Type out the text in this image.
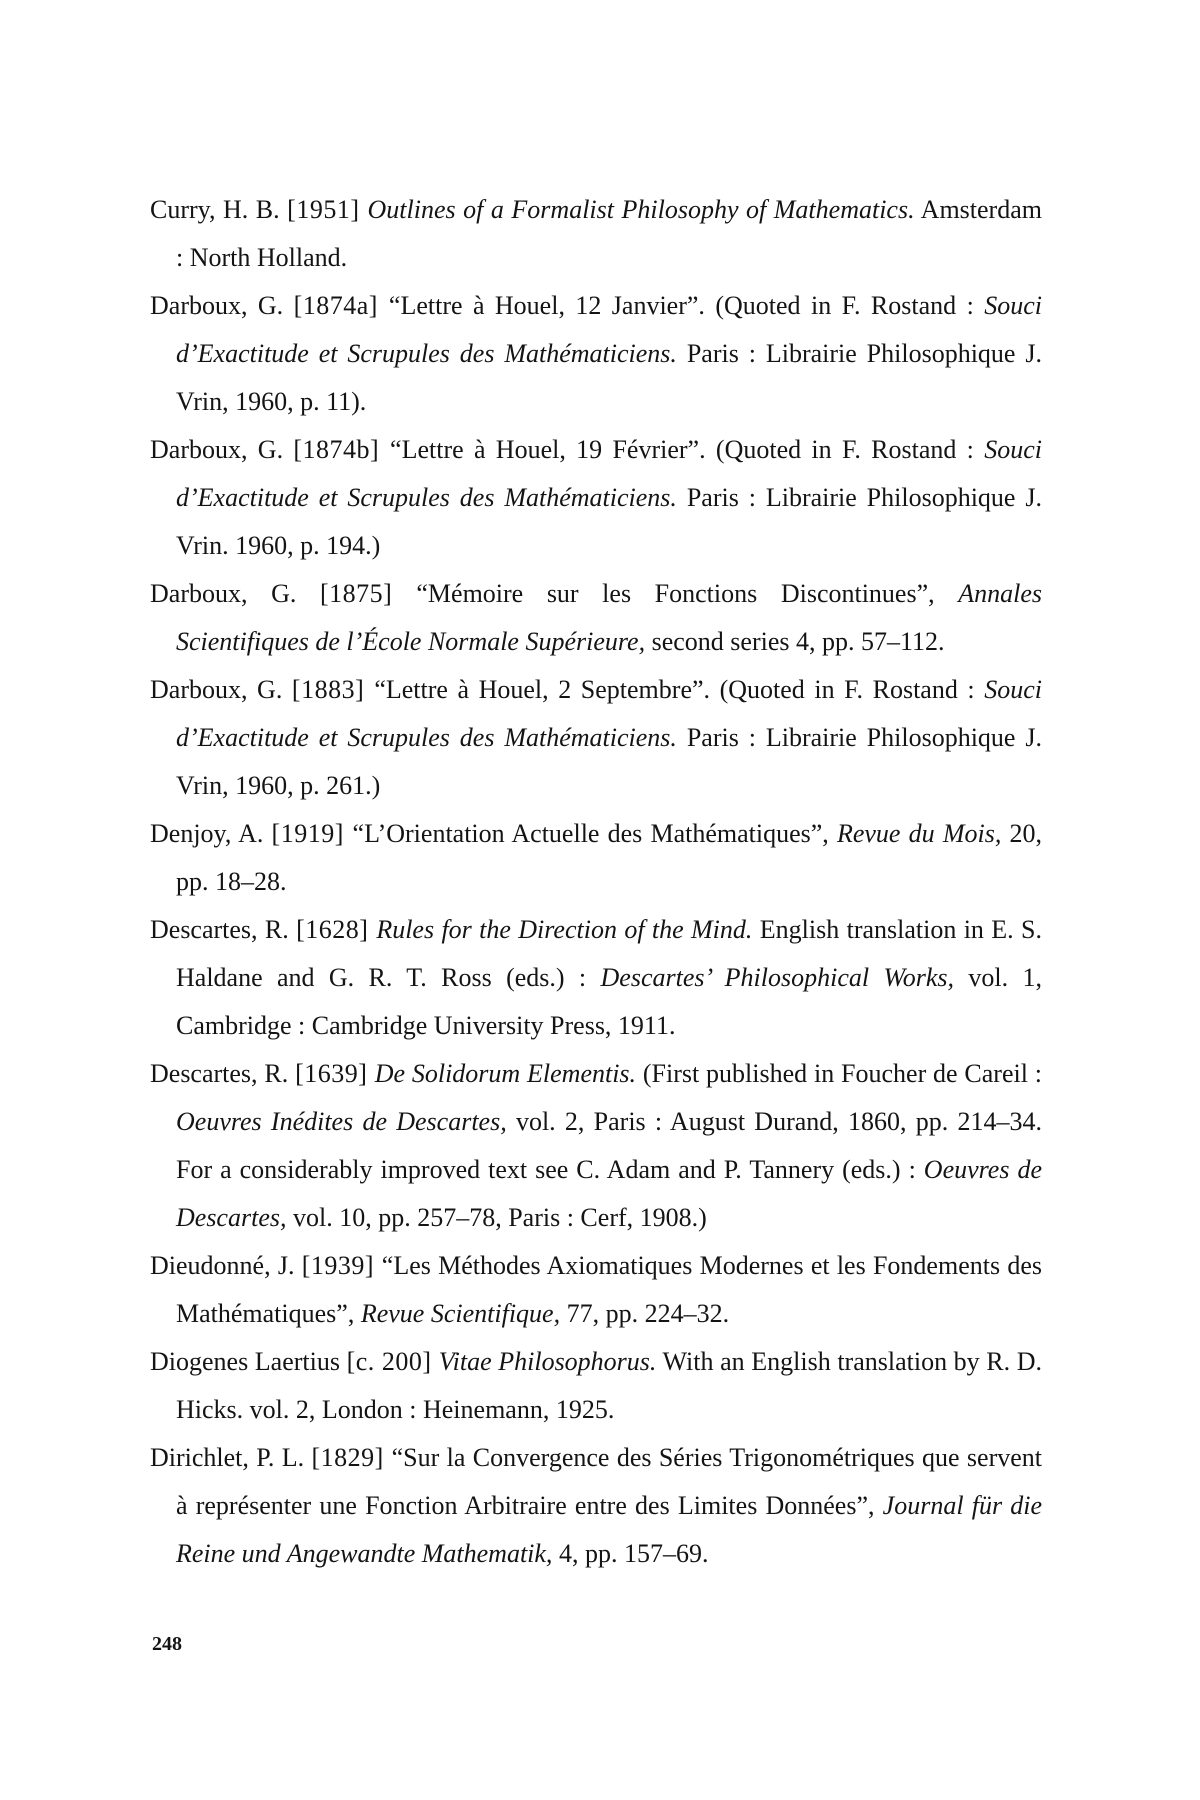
Curry, H. B. [1951] Outlines of a Formalist Philosophy of Mathematics. Amsterdam : North Holland.

Darboux, G. [1874a] “Lettre à Houel, 12 Janvier”. (Quoted in F. Rostand : Souci d’Exactitude et Scrupules des Mathématiciens. Paris : Librairie Philosophique J. Vrin, 1960, p. 11).

Darboux, G. [1874b] “Lettre à Houel, 19 Février”. (Quoted in F. Rostand : Souci d’Exactitude et Scrupules des Mathématiciens. Paris : Librairie Philosophique J. Vrin. 1960, p. 194.)

Darboux, G. [1875] “Mémoire sur les Fonctions Discontinues”, Annales Scientifiques de l’École Normale Supérieure, second series 4, pp. 57–112.

Darboux, G. [1883] “Lettre à Houel, 2 Septembre”. (Quoted in F. Rostand : Souci d’Exactitude et Scrupules des Mathématiciens. Paris : Librairie Philosophique J. Vrin, 1960, p. 261.)

Denjoy, A. [1919] “L’Orientation Actuelle des Mathématiques”, Revue du Mois, 20, pp. 18–28.

Descartes, R. [1628] Rules for the Direction of the Mind. English translation in E. S. Haldane and G. R. T. Ross (eds.) : Descartes’ Philosophical Works, vol. 1, Cambridge : Cambridge University Press, 1911.

Descartes, R. [1639] De Solidorum Elementis. (First published in Foucher de Careil : Oeuvres Inédites de Descartes, vol. 2, Paris : August Durand, 1860, pp. 214–34. For a considerably improved text see C. Adam and P. Tannery (eds.) : Oeuvres de Descartes, vol. 10, pp. 257–78, Paris : Cerf, 1908.)

Dieudonné, J. [1939] “Les Méthodes Axiomatiques Modernes et les Fondements des Mathématiques”, Revue Scientifique, 77, pp. 224–32.

Diogenes Laertius [c. 200] Vitae Philosophorus. With an English translation by R. D. Hicks. vol. 2, London : Heinemann, 1925.

Dirichlet, P. L. [1829] “Sur la Convergence des Séries Trigonométriques que servent à représenter une Fonction Arbitraire entre des Limites Données”, Journal für die Reine und Angewandte Mathematik, 4, pp. 157–69.

248
